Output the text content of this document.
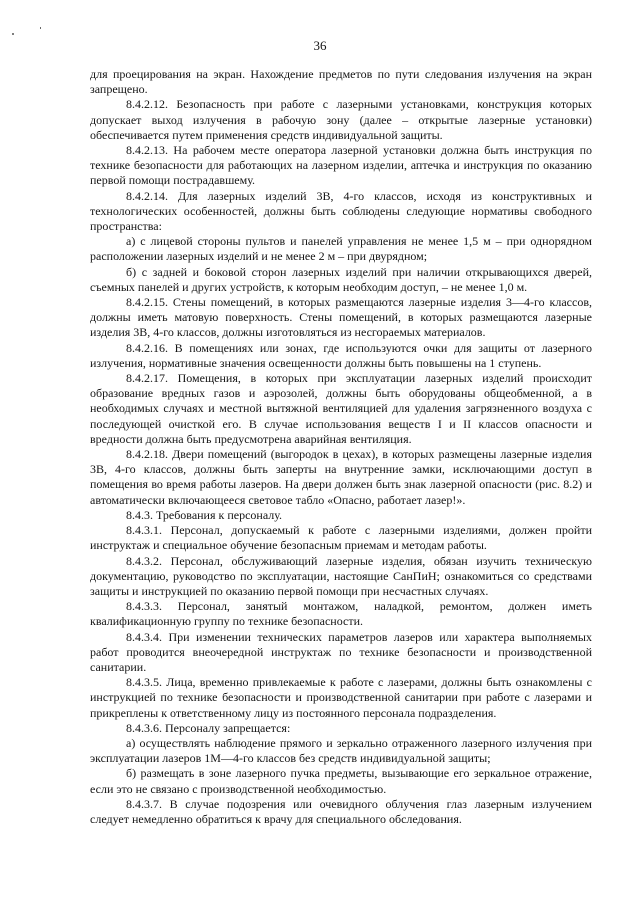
36

для проецирования на экран. Нахождение предметов по пути следования излучения на экран запрещено.

8.4.2.12. Безопасность при работе с лазерными установками, конструкция которых допускает выход излучения в рабочую зону (далее – открытые лазерные установки) обеспечивается путем применения средств индивидуальной защиты.

8.4.2.13. На рабочем месте оператора лазерной установки должна быть инструкция по технике безопасности для работающих на лазерном изделии, аптечка и инструкция по оказанию первой помощи пострадавшему.

8.4.2.14. Для лазерных изделий 3В, 4-го классов, исходя из конструктивных и технологических особенностей, должны быть соблюдены следующие нормативы свободного пространства:

а) с лицевой стороны пультов и панелей управления не менее 1,5 м – при однорядном расположении лазерных изделий и не менее 2 м – при двурядном;

б) с задней и боковой сторон лазерных изделий при наличии открывающихся дверей, съемных панелей и других устройств, к которым необходим доступ, – не менее 1,0 м.

8.4.2.15. Стены помещений, в которых размещаются лазерные изделия 3—4-го классов, должны иметь матовую поверхность. Стены помещений, в которых размещаются лазерные изделия 3В, 4-го классов, должны изготовляться из несгораемых материалов.

8.4.2.16. В помещениях или зонах, где используются очки для защиты от лазерного излучения, нормативные значения освещенности должны быть повышены на 1 ступень.

8.4.2.17. Помещения, в которых при эксплуатации лазерных изделий происходит образование вредных газов и аэрозолей, должны быть оборудованы общеобменной, а в необходимых случаях и местной вытяжной вентиляцией для удаления загрязненного воздуха с последующей очисткой его. В случае использования веществ I и II классов опасности и вредности должна быть предусмотрена аварийная вентиляция.

8.4.2.18. Двери помещений (выгородок в цехах), в которых размещены лазерные изделия 3В, 4-го классов, должны быть заперты на внутренние замки, исключающими доступ в помещения во время работы лазеров. На двери должен быть знак лазерной опасности (рис. 8.2) и автоматически включающееся световое табло «Опасно, работает лазер!».

8.4.3. Требования к персоналу.

8.4.3.1. Персонал, допускаемый к работе с лазерными изделиями, должен пройти инструктаж и специальное обучение безопасным приемам и методам работы.

8.4.3.2. Персонал, обслуживающий лазерные изделия, обязан изучить техническую документацию, руководство по эксплуатации, настоящие СанПиН; ознакомиться со средствами защиты и инструкцией по оказанию первой помощи при несчастных случаях.

8.4.3.3. Персонал, занятый монтажом, наладкой, ремонтом, должен иметь квалификационную группу по технике безопасности.

8.4.3.4. При изменении технических параметров лазеров или характера выполняемых работ проводится внеочередной инструктаж по технике безопасности и производственной санитарии.

8.4.3.5. Лица, временно привлекаемые к работе с лазерами, должны быть ознакомлены с инструкцией по технике безопасности и производственной санитарии при работе с лазерами и прикреплены к ответственному лицу из постоянного персонала подразделения.

8.4.3.6. Персоналу запрещается:

а) осуществлять наблюдение прямого и зеркально отраженного лазерного излучения при эксплуатации лазеров 1М—4-го классов без средств индивидуальной защиты;

б) размещать в зоне лазерного пучка предметы, вызывающие его зеркальное отражение, если это не связано с производственной необходимостью.

8.4.3.7. В случае подозрения или очевидного облучения глаз лазерным излучением следует немедленно обратиться к врачу для специального обследования.
